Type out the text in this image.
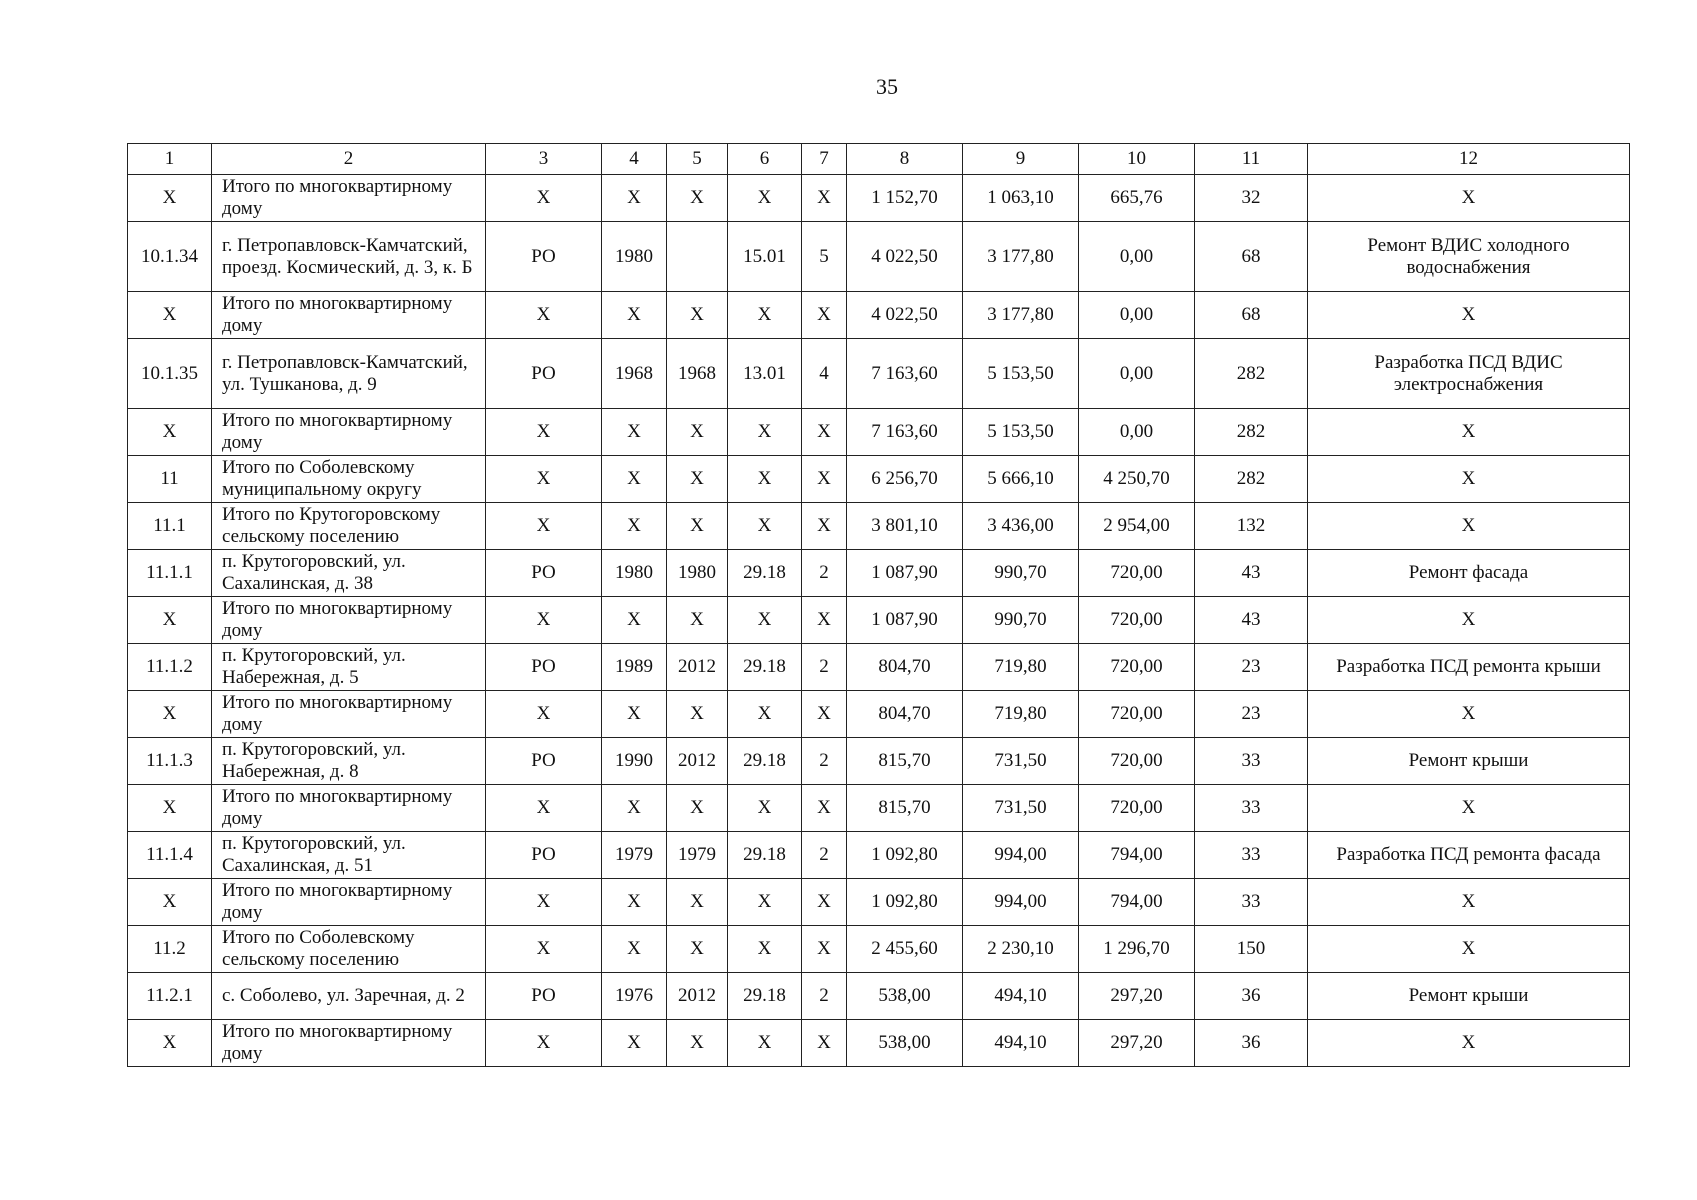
35
1	2	3	4	5	6	7	8	9	10	11	12
X	Итого по многоквартирному дому	X	X	X	X	X	1 152,70	1 063,10	665,76	32	X
10.1.34	г. Петропавловск-Камчатский, проезд. Космический, д. 3, к. Б	РО	1980		15.01	5	4 022,50	3 177,80	0,00	68	Ремонт ВДИС холодного водоснабжения
X	Итого по многоквартирному дому	X	X	X	X	X	4 022,50	3 177,80	0,00	68	X
10.1.35	г. Петропавловск-Камчатский, ул. Тушканова, д. 9	РО	1968	1968	13.01	4	7 163,60	5 153,50	0,00	282	Разработка ПСД ВДИС электроснабжения
X	Итого по многоквартирному дому	X	X	X	X	X	7 163,60	5 153,50	0,00	282	X
11	Итого по Соболевскому муниципальному округу	X	X	X	X	X	6 256,70	5 666,10	4 250,70	282	X
11.1	Итого по Крутогоровскому сельскому поселению	X	X	X	X	X	3 801,10	3 436,00	2 954,00	132	X
11.1.1	п. Крутогоровский, ул. Сахалинская, д. 38	РО	1980	1980	29.18	2	1 087,90	990,70	720,00	43	Ремонт фасада
X	Итого по многоквартирному дому	X	X	X	X	X	1 087,90	990,70	720,00	43	X
11.1.2	п. Крутогоровский, ул. Набережная, д. 5	РО	1989	2012	29.18	2	804,70	719,80	720,00	23	Разработка ПСД ремонта крыши
X	Итого по многоквартирному дому	X	X	X	X	X	804,70	719,80	720,00	23	X
11.1.3	п. Крутогоровский, ул. Набережная, д. 8	РО	1990	2012	29.18	2	815,70	731,50	720,00	33	Ремонт крыши
X	Итого по многоквартирному дому	X	X	X	X	X	815,70	731,50	720,00	33	X
11.1.4	п. Крутогоровский, ул. Сахалинская, д. 51	РО	1979	1979	29.18	2	1 092,80	994,00	794,00	33	Разработка ПСД ремонта фасада
X	Итого по многоквартирному дому	X	X	X	X	X	1 092,80	994,00	794,00	33	X
11.2	Итого по Соболевскому сельскому поселению	X	X	X	X	X	2 455,60	2 230,10	1 296,70	150	X
11.2.1	с. Соболево, ул. Заречная, д. 2	РО	1976	2012	29.18	2	538,00	494,10	297,20	36	Ремонт крыши
X	Итого по многоквартирному дому	X	X	X	X	X	538,00	494,10	297,20	36	X
